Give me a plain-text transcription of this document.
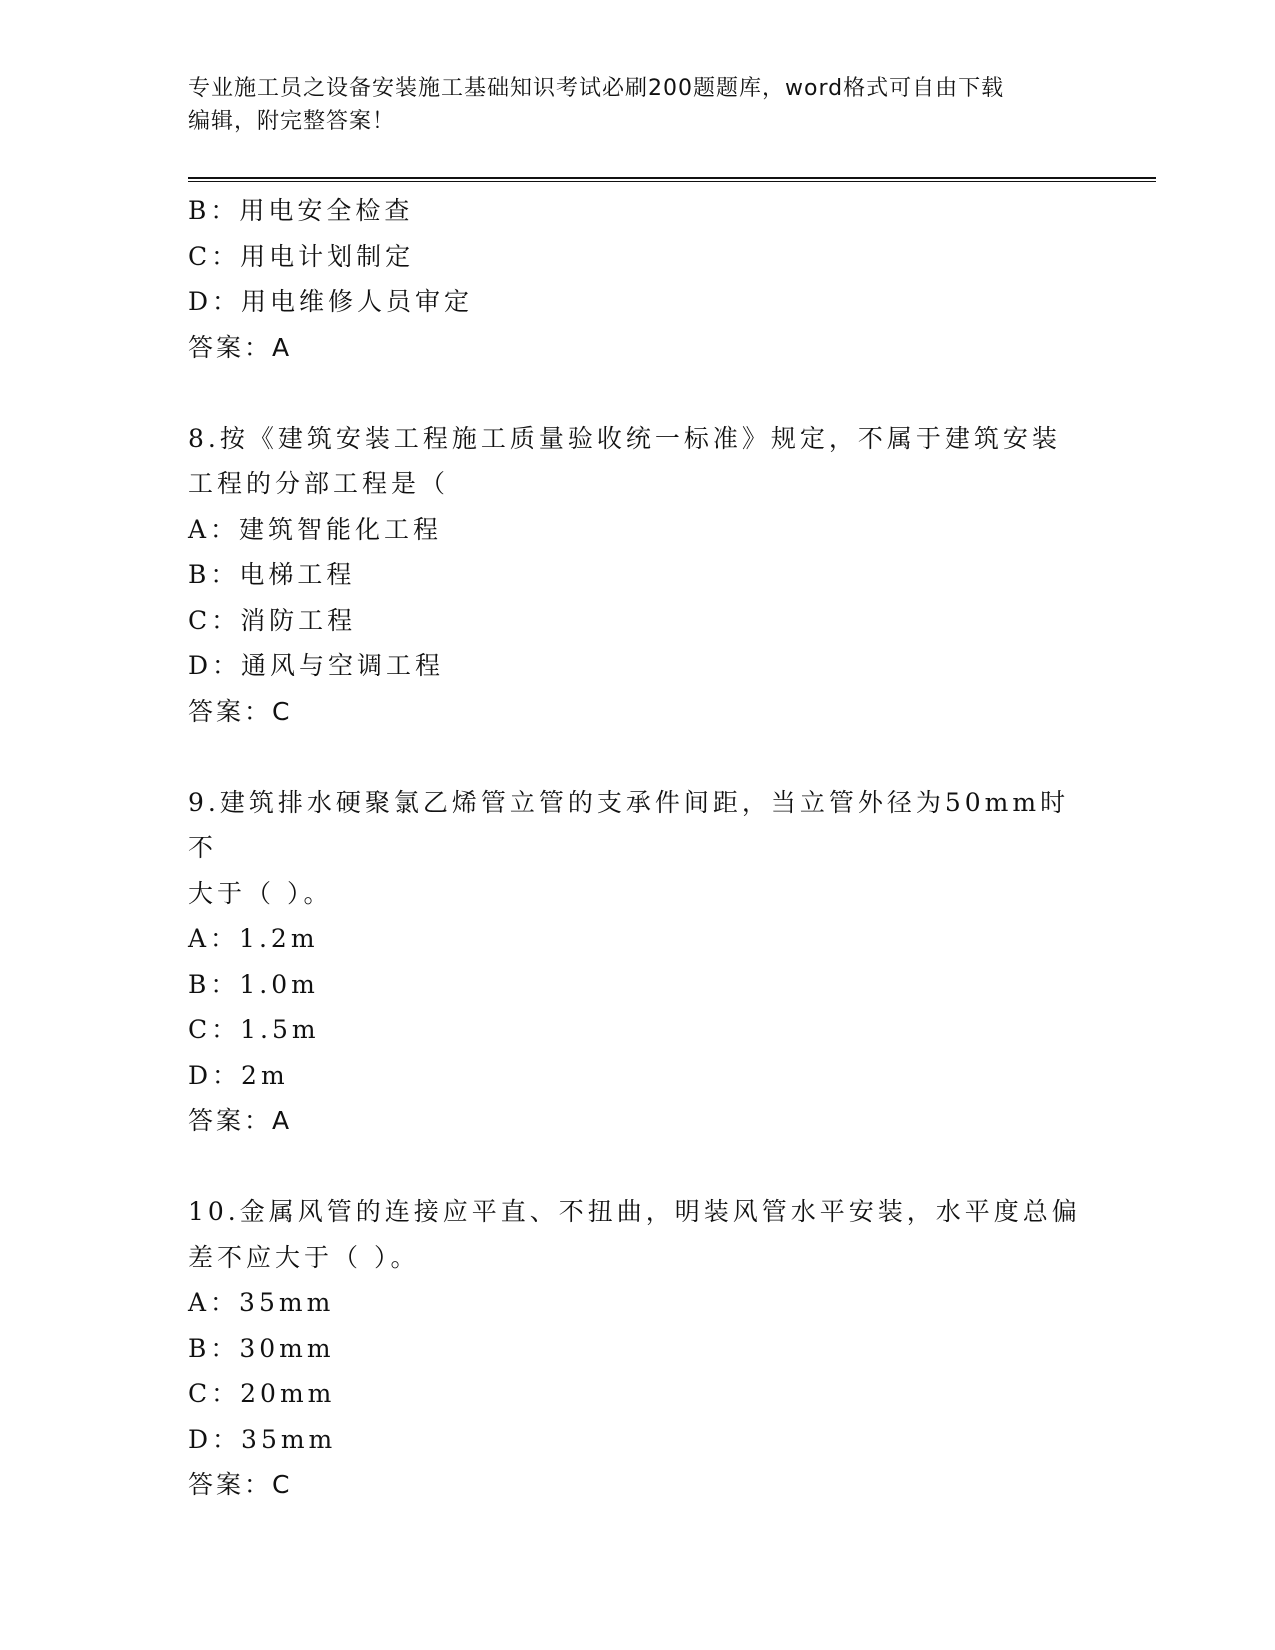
专业施工员之设备安装施工基础知识考试必刷200题题库，word格式可自由下载
编辑，附完整答案！
B：用电安全检查
C：用电计划制定
D：用电维修人员审定
答案：A
8.按《建筑安装工程施工质量验收统一标准》规定，不属于建筑安装
工程的分部工程是（
A：建筑智能化工程
B：电梯工程
C：消防工程
D：通风与空调工程
答案：C
9.建筑排水硬聚氯乙烯管立管的支承件间距，当立管外径为50mm时不
大于（ ）。
A：1.2m
B：1.0m
C：1.5m
D：2m
答案：A
10.金属风管的连接应平直、不扭曲，明装风管水平安装，水平度总偏
差不应大于（ ）。
A：35mm
B：30mm
C：20mm
D：35mm
答案：C
